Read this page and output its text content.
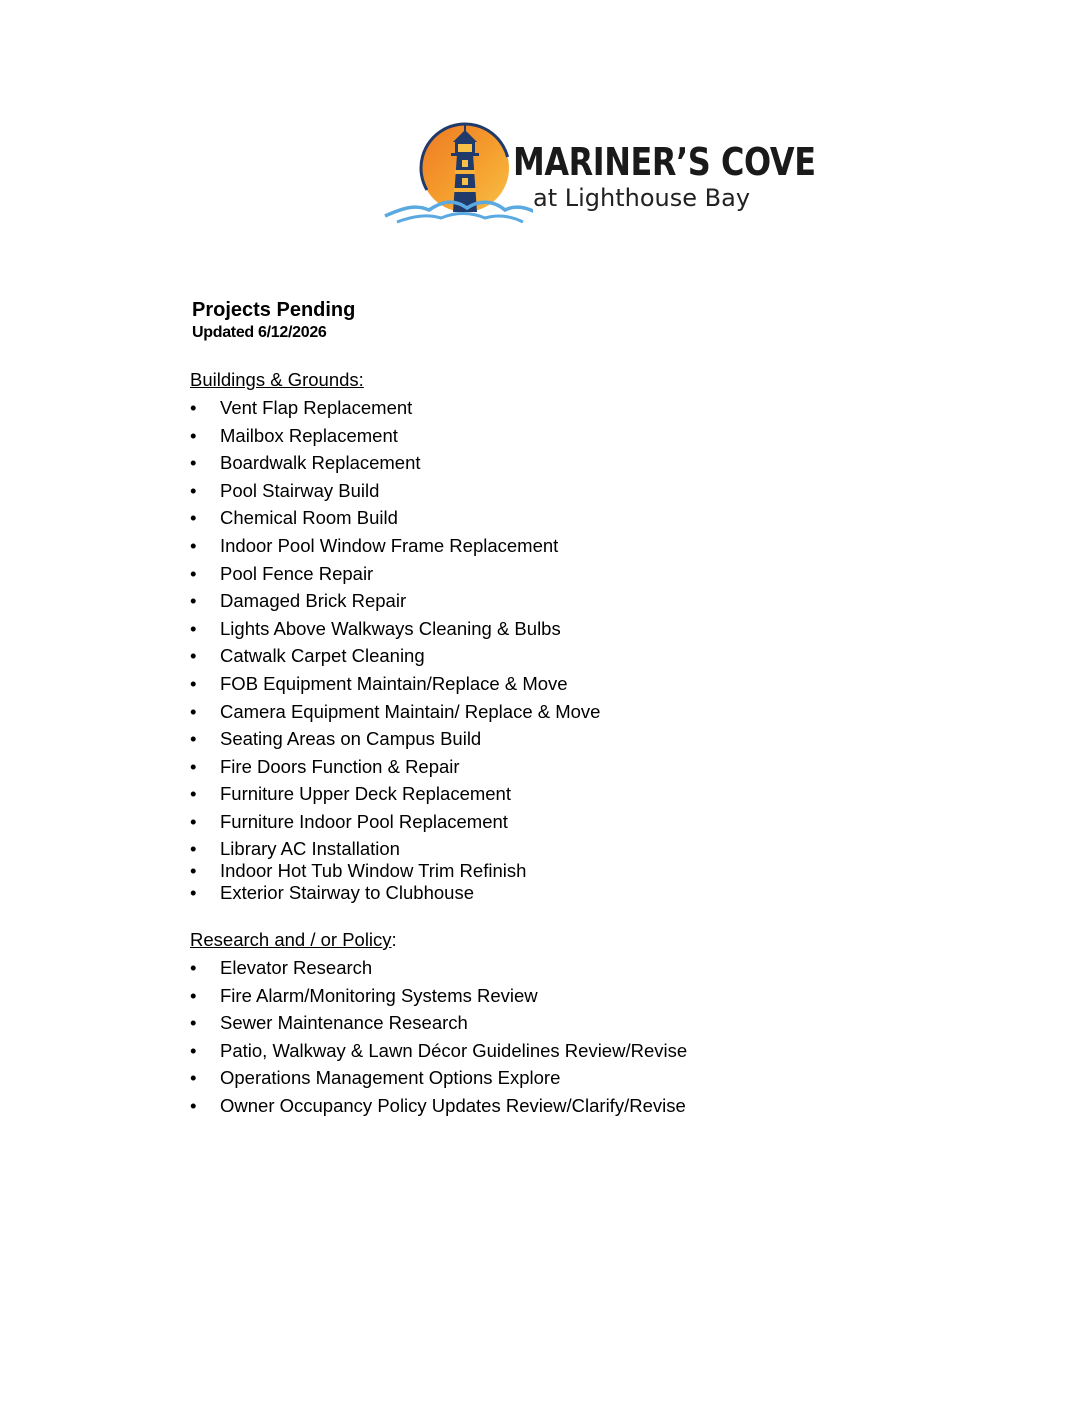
MARINER’S COVE
at Lighthouse Bay
Projects Pending
Updated 6/12/2026
Buildings & Grounds:
• Vent Flap Replacement
• Mailbox Replacement
• Boardwalk Replacement
• Pool Stairway Build
• Chemical Room Build
• Indoor Pool Window Frame Replacement
• Pool Fence Repair
• Damaged Brick Repair
• Lights Above Walkways Cleaning & Bulbs
• Catwalk Carpet Cleaning
• FOB Equipment Maintain/Replace & Move
• Camera Equipment Maintain/ Replace & Move
• Seating Areas on Campus Build
• Fire Doors Function & Repair
• Furniture Upper Deck Replacement
• Furniture Indoor Pool Replacement
• Library AC Installation
• Indoor Hot Tub Window Trim Refinish
• Exterior Stairway to Clubhouse
Research and / or Policy:
• Elevator Research
• Fire Alarm/Monitoring Systems Review
• Sewer Maintenance Research
• Patio, Walkway & Lawn Décor Guidelines Review/Revise
• Operations Management Options Explore
• Owner Occupancy Policy Updates Review/Clarify/Revise
